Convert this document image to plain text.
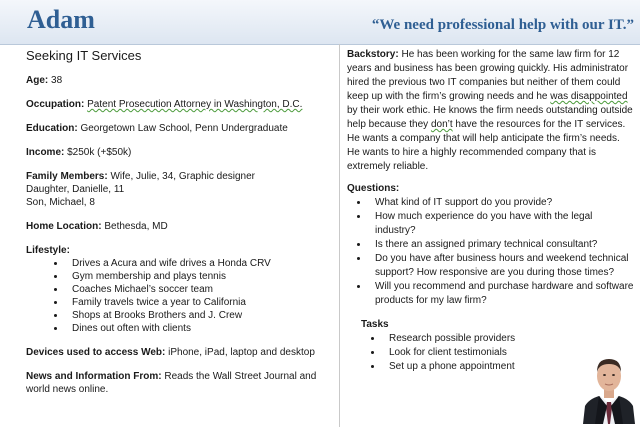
Adam	“We need professional help with our IT.”
Seeking IT Services
Age: 38
Occupation: Patent Prosecution Attorney in Washington, D.C.
Education: Georgetown Law School, Penn Undergraduate
Income: $250k (+$50k)
Family Members: Wife, Julie, 34, Graphic designer
Daughter, Danielle, 11
Son, Michael, 8
Home Location: Bethesda, MD
Lifestyle:
• Drives a Acura and wife drives a Honda CRV
• Gym membership and plays tennis
• Coaches Michael’s soccer team
• Family travels twice a year to California
• Shops at Brooks Brothers and J. Crew
• Dines out often with clients
Devices used to access Web: iPhone, iPad, laptop and desktop
News and Information From: Reads the Wall Street Journal and world news online.
Backstory: He has been working for the same law firm for 12 years and business has been growing quickly. His administrator hired the previous two IT companies but neither of them could keep up with the firm’s growing needs and he was disappointed by their work ethic. He knows the firm needs outstanding outside help because they don’t have the resources for the IT services. He wants a company that will help anticipate the firm’s needs. He wants to hire a highly recommended company that is extremely reliable.
Questions:
• What kind of IT support do you provide?
• How much experience do you have with the legal industry?
• Is there an assigned primary technical consultant?
• Do you have after business hours and weekend technical support? How responsive are you during those times?
• Will you recommend and purchase hardware and software products for my law firm?
Tasks
• Research possible providers
• Look for client testimonials
• Set up a phone appointment
